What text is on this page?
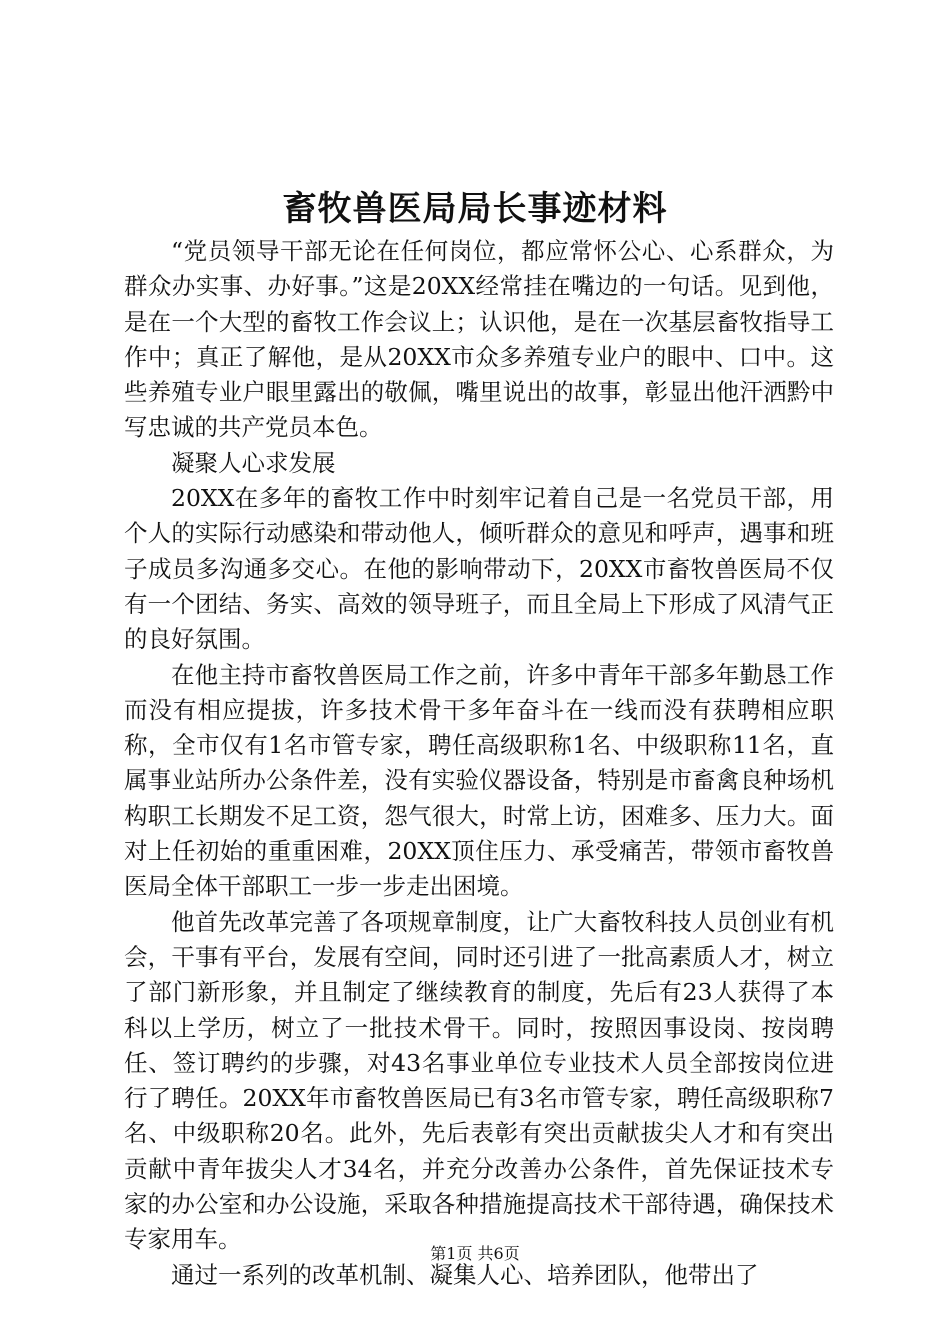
畜牧兽医局局长事迹材料

“党员领导干部无论在任何岗位，都应常怀公心、心系群众，为群众办实事、办好事。”这是20XX经常挂在嘴边的一句话。见到他，是在一个大型的畜牧工作会议上；认识他，是在一次基层畜牧指导工作中；真正了解他，是从20XX市众多养殖专业户的眼中、口中。这些养殖专业户眼里露出的敬佩，嘴里说出的故事，彰显出他汗洒黔中写忠诚的共产党员本色。

凝聚人心求发展

20XX在多年的畜牧工作中时刻牢记着自己是一名党员干部，用个人的实际行动感染和带动他人，倾听群众的意见和呼声，遇事和班子成员多沟通多交心。在他的影响带动下，20XX市畜牧兽医局不仅有一个团结、务实、高效的领导班子，而且全局上下形成了风清气正的良好氛围。

在他主持市畜牧兽医局工作之前，许多中青年干部多年勤恳工作而没有相应提拔，许多技术骨干多年奋斗在一线而没有获聘相应职称，全市仅有1名市管专家，聘任高级职称1名、中级职称11名，直属事业站所办公条件差，没有实验仪器设备，特别是市畜禽良种场机构职工长期发不足工资，怨气很大，时常上访，困难多、压力大。面对上任初始的重重困难，20XX顶住压力、承受痛苦，带领市畜牧兽医局全体干部职工一步一步走出困境。

他首先改革完善了各项规章制度，让广大畜牧科技人员创业有机会，干事有平台，发展有空间，同时还引进了一批高素质人才，树立了部门新形象，并且制定了继续教育的制度，先后有23人获得了本科以上学历，树立了一批技术骨干。同时，按照因事设岗、按岗聘任、签订聘约的步骤，对43名事业单位专业技术人员全部按岗位进行了聘任。20XX年市畜牧兽医局已有3名市管专家，聘任高级职称7名、中级职称20名。此外，先后表彰有突出贡献拔尖人才和有突出贡献中青年拔尖人才34名，并充分改善办公条件，首先保证技术专家的办公室和办公设施，采取各种措施提高技术干部待遇，确保技术专家用车。

通过一系列的改革机制、凝集人心、培养团队，他带出了

第1页 共6页
